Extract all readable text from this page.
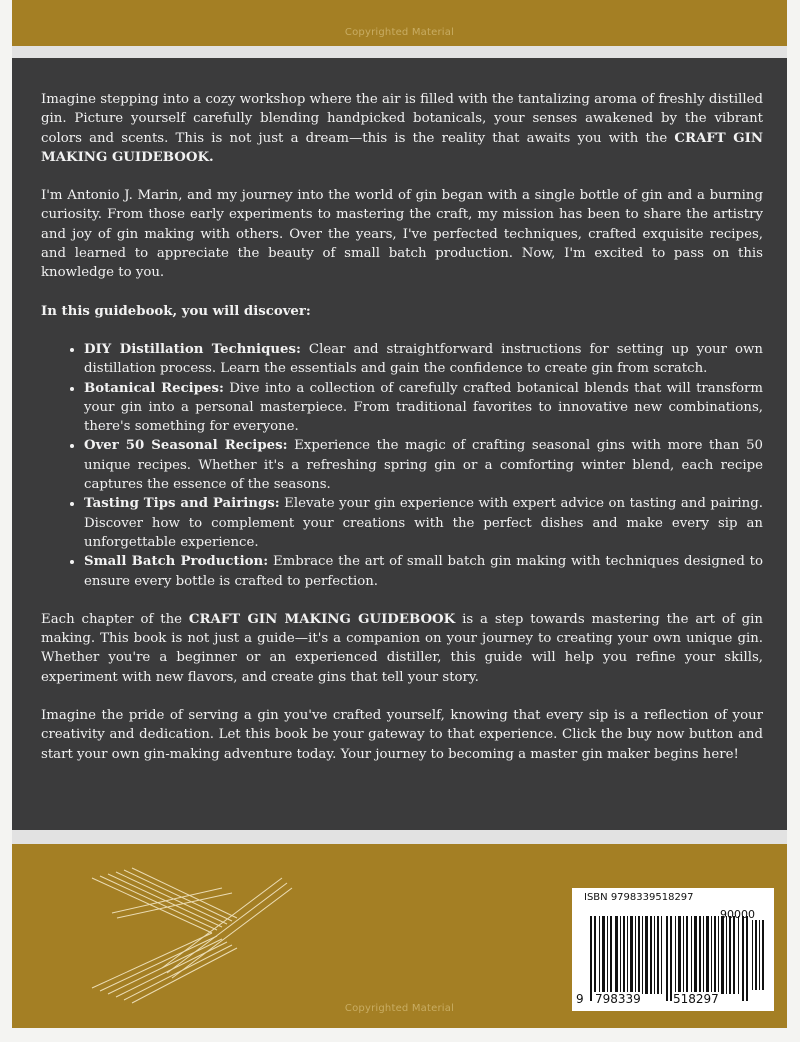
Copyrighted Material

Imagine stepping into a cozy workshop where the air is filled with the tantalizing aroma of freshly distilled gin. Picture yourself carefully blending handpicked botanicals, your senses awakened by the vibrant colors and scents. This is not just a dream—this is the reality that awaits you with the CRAFT GIN MAKING GUIDEBOOK.

I'm Antonio J. Marin, and my journey into the world of gin began with a single bottle of gin and a burning curiosity. From those early experiments to mastering the craft, my mission has been to share the artistry and joy of gin making with others. Over the years, I've perfected techniques, crafted exquisite recipes, and learned to appreciate the beauty of small batch production. Now, I'm excited to pass on this knowledge to you.

In this guidebook, you will discover:

• DIY Distillation Techniques: Clear and straightforward instructions for setting up your own distillation process. Learn the essentials and gain the confidence to create gin from scratch.
• Botanical Recipes: Dive into a collection of carefully crafted botanical blends that will transform your gin into a personal masterpiece. From traditional favorites to innovative new combinations, there's something for everyone.
• Over 50 Seasonal Recipes: Experience the magic of crafting seasonal gins with more than 50 unique recipes. Whether it's a refreshing spring gin or a comforting winter blend, each recipe captures the essence of the seasons.
• Tasting Tips and Pairings: Elevate your gin experience with expert advice on tasting and pairing. Discover how to complement your creations with the perfect dishes and make every sip an unforgettable experience.
• Small Batch Production: Embrace the art of small batch gin making with techniques designed to ensure every bottle is crafted to perfection.

Each chapter of the CRAFT GIN MAKING GUIDEBOOK is a step towards mastering the art of gin making. This book is not just a guide—it's a companion on your journey to creating your own unique gin. Whether you're a beginner or an experienced distiller, this guide will help you refine your skills, experiment with new flavors, and create gins that tell your story.

Imagine the pride of serving a gin you've crafted yourself, knowing that every sip is a reflection of your creativity and dedication. Let this book be your gateway to that experience. Click the buy now button and start your own gin-making adventure today. Your journey to becoming a master gin maker begins here!

Copyrighted Material
ISBN 9798339518297
90000
9 798339	518297
